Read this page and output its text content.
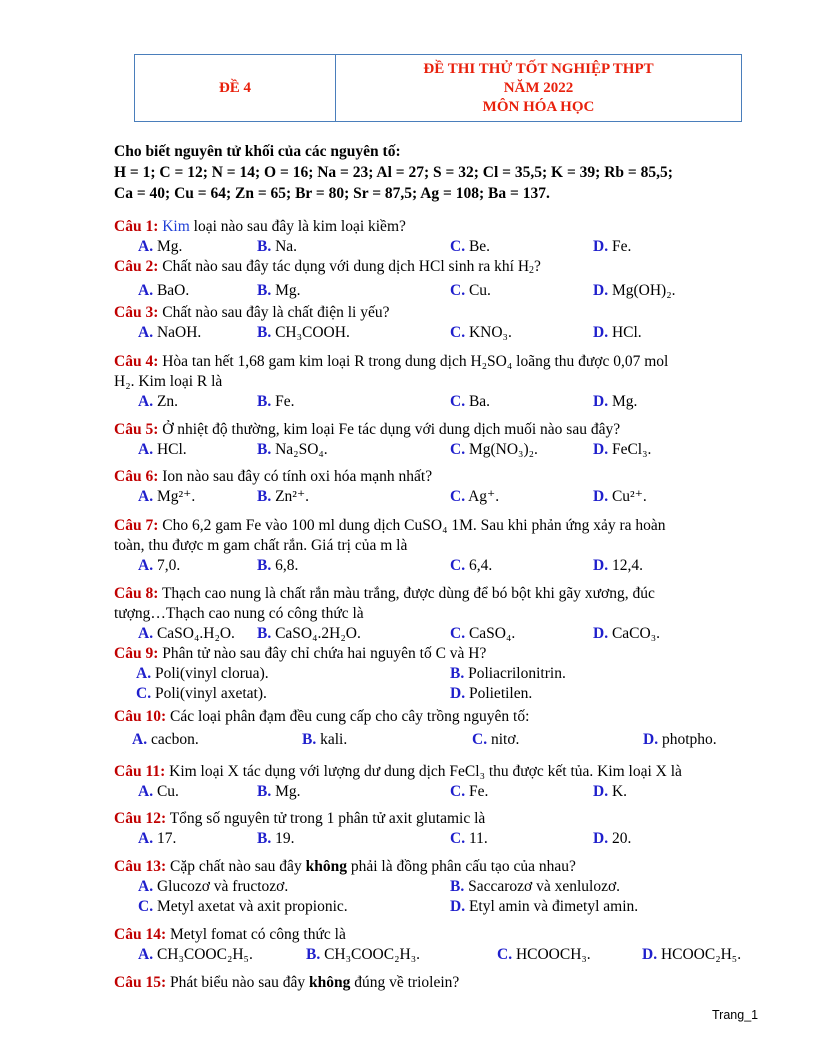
ĐỀ 4
ĐỀ THI THỬ TỐT NGHIỆP THPT
NĂM 2022
MÔN HÓA HỌC
Cho biết nguyên tử khối của các nguyên tố:
H = 1; C = 12; N = 14; O = 16; Na = 23; Al = 27; S = 32; Cl = 35,5; K = 39; Rb = 85,5;
Ca = 40; Cu = 64; Zn = 65; Br = 80; Sr = 87,5; Ag = 108; Ba = 137.
Câu 1: Kim loại nào sau đây là kim loại kiềm?
A. Mg.	B. Na.	C. Be.	D. Fe.
Câu 2: Chất nào sau đây tác dụng với dung dịch HCl sinh ra khí $H_2$?
A. BaO.	B. Mg.	C. Cu.	D. Mg(OH)₂.
Câu 3: Chất nào sau đây là chất điện li yếu?
A. NaOH.	B. CH₃COOH.	C. KNO₃.	D. HCl.
Câu 4: Hòa tan hết 1,68 gam kim loại R trong dung dịch H₂SO₄ loãng thu được 0,07 mol
H₂. Kim loại R là
A. Zn.	B. Fe.	C. Ba.	D. Mg.
Câu 5: Ở nhiệt độ thường, kim loại Fe tác dụng với dung dịch muối nào sau đây?
A. HCl.	B. Na₂SO₄.	C. Mg(NO₃)₂.	D. FeCl₃.
Câu 6: Ion nào sau đây có tính oxi hóa mạnh nhất?
A. Mg²⁺.	B. Zn²⁺.	C. Ag⁺.	D. Cu²⁺.
Câu 7: Cho 6,2 gam Fe vào 100 ml dung dịch CuSO₄ 1M. Sau khi phản ứng xảy ra hoàn
toàn, thu được m gam chất rắn. Giá trị của m là
A. 7,0.	B. 6,8.	C. 6,4.	D. 12,4.
Câu 8: Thạch cao nung là chất rắn màu trắng, được dùng để bó bột khi gãy xương, đúc
tượng…Thạch cao nung có công thức là
A. CaSO₄.H₂O. B. CaSO₄.2H₂O.	C. CaSO₄.	D. CaCO₃.
Câu 9: Phân tử nào sau đây chỉ chứa hai nguyên tố C và H?
A. Poli(vinyl clorua).	B. Poliacrilonitrin.
C. Poli(vinyl axetat).	D. Polietilen.
Câu 10: Các loại phân đạm đều cung cấp cho cây trồng nguyên tố:
A. cacbon.	B. kali.	C. nitơ.	D. photpho.
Câu 11: Kim loại X tác dụng với lượng dư dung dịch FeCl₃ thu được kết tủa. Kim loại X là
A. Cu.	B. Mg.	C. Fe.	D. K.
Câu 12: Tổng số nguyên tử trong 1 phân tử axit glutamic là
A. 17.	B. 19.	C. 11.	D. 20.
Câu 13: Cặp chất nào sau đây không phải là đồng phân cấu tạo của nhau?
A. Glucozơ và fructozơ.	B. Saccarozơ và xenlulozơ.
C. Metyl axetat và axit propionic.	D. Etyl amin và đimetyl amin.
Câu 14: Metyl fomat có công thức là
A. CH₃COOC₂H₅.	B. CH₃COOC₂H₃.	C. HCOOCH₃.	D. HCOOC₂H₅.
Câu 15: Phát biểu nào sau đây không đúng về triolein?
Trang_1
